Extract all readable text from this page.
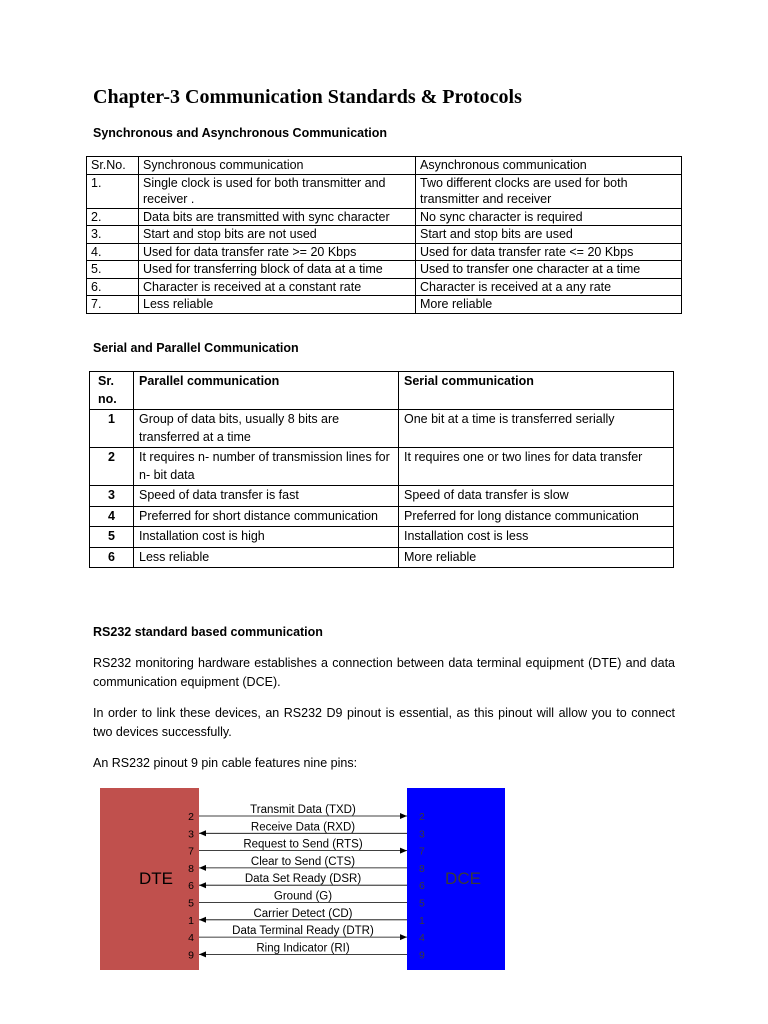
Chapter-3 Communication Standards & Protocols
Synchronous and Asynchronous Communication
Sr.No.	Synchronous communication	Asynchronous communication
1.	Single clock is used for both transmitter and receiver .	Two different clocks are used for both transmitter and receiver
2.	Data bits are transmitted with sync character	No sync character is required
3.	Start and stop bits are not used	Start and stop bits are used
4.	Used for data transfer rate >= 20 Kbps	Used for data transfer rate <= 20 Kbps
5.	Used for transferring block of data at a time	Used to transfer one character at a time
6.	Character is received at a constant rate	Character is received at a any rate
7.	Less reliable	More reliable
Serial and Parallel Communication
Sr. no.	Parallel communication	Serial communication
1	Group of data bits, usually 8 bits are transferred at a time	One bit at a time is transferred serially
2	It requires n- number of transmission lines for n- bit data	It requires one or two lines for data transfer
3	Speed of data transfer is fast	Speed of data transfer is slow
4	Preferred for short distance communication	Preferred for long distance communication
5	Installation cost is high	Installation cost is less
6	Less reliable	More reliable
RS232 standard based communication
RS232 monitoring hardware establishes a connection between data terminal equipment (DTE) and data communication equipment (DCE).
In order to link these devices, an RS232 D9 pinout is essential, as this pinout will allow you to connect two devices successfully.
An RS232 pinout 9 pin cable features nine pins:
DTE	DCE
Transmit Data (TXD)
2	2
Receive Data (RXD)
3	3
Request to Send (RTS)
7	7
Clear to Send (CTS)
8	8
Data Set Ready (DSR)
6	6
Ground (G)
5	5
Carrier Detect (CD)
1	1
Data Terminal Ready (DTR)
4	4
Ring Indicator (RI)
9	9
